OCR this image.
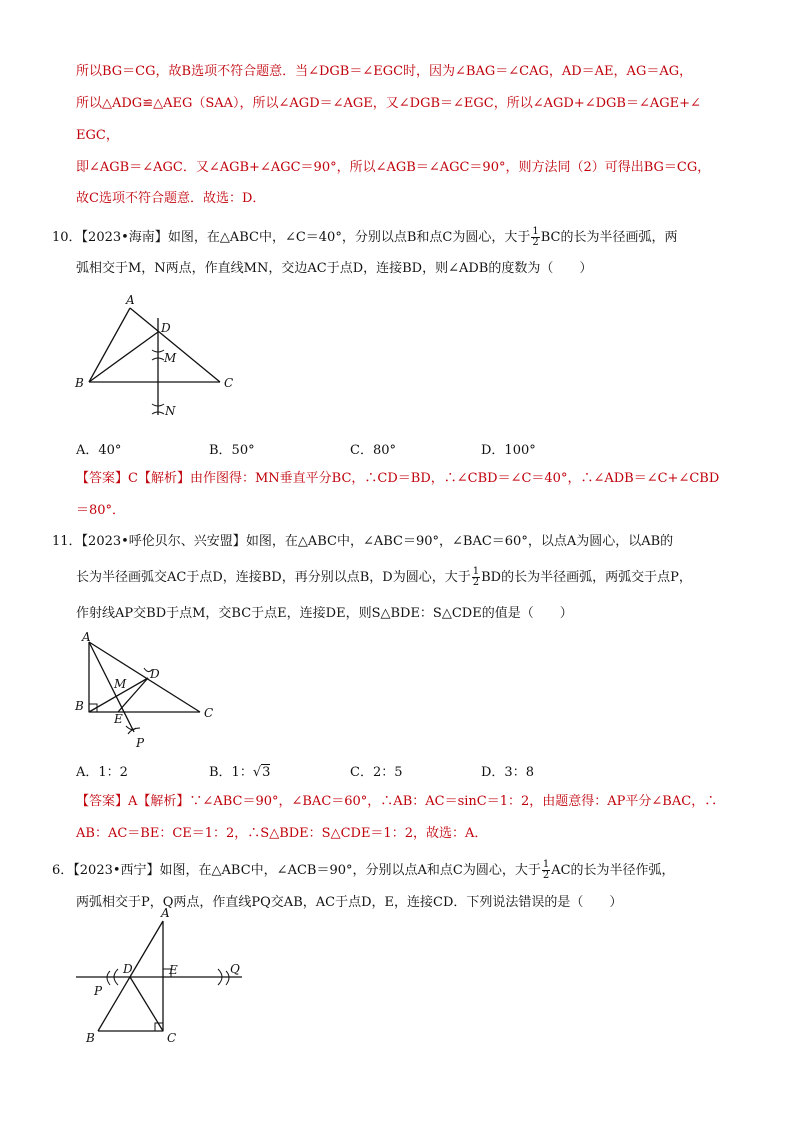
所以BG＝CG，故B选项不符合题意．当∠DGB＝∠EGC时，因为∠BAG＝∠CAG，AD＝AE，AG＝AG，
所以△ADG≌△AEG（SAA），所以∠AGD＝∠AGE，又∠DGB＝∠EGC，所以∠AGD+∠DGB＝∠AGE+∠
EGC，
即∠AGB＝∠AGC．又∠AGB+∠AGC＝90°，所以∠AGB＝∠AGC＝90°，则方法同（2）可得出BG＝CG，
故C选项不符合题意．故选：D．
10．【2023•海南】如图，在△ABC中，∠C＝40°，分别以点B和点C为圆心，大于 $\frac{1}{2}$ BC的长为半径画弧，两
弧相交于M，N两点，作直线MN，交边AC于点D，连接BD，则∠ADB的度数为（　　）
A
B	C
D
M
N
A．40°	B．50°	C．80°	D．100°
【答案】C【解析】由作图得：MN垂直平分BC，∴CD＝BD，∴∠CBD＝∠C＝40°，∴∠ADB＝∠C+∠CBD
＝80°．
11．【2023•呼伦贝尔、兴安盟】如图，在△ABC中，∠ABC＝90°，∠BAC＝60°，以点A为圆心，以AB的
长为半径画弧交AC于点D，连接BD，再分别以点B，D为圆心，大于 $\frac{1}{2}$ BD的长为半径画弧，两弧交于点P，
作射线AP交BD于点M，交BC于点E，连接DE，则S△BDE：S△CDE的值是（　　）
A
B	C
D
M
E
P
A．1：2	B．1：√3	C．2：5	D．3：8
【答案】A【解析】∵∠ABC＝90°，∠BAC＝60°，∴AB：AC＝sinC＝1：2，由题意得：AP平分∠BAC，∴
AB：AC＝BE：CE＝1：2，∴S△BDE：S△CDE＝1：2，故选：A．
6．【2023•西宁】如图，在△ABC中，∠ACB＝90°，分别以点A和点C为圆心，大于 $\frac{1}{2}$ AC的长为半径作弧，
两弧相交于P，Q两点，作直线PQ交AB，AC于点D，E，连接CD．下列说法错误的是（　　）
A
B	C
D	E
P
Q
